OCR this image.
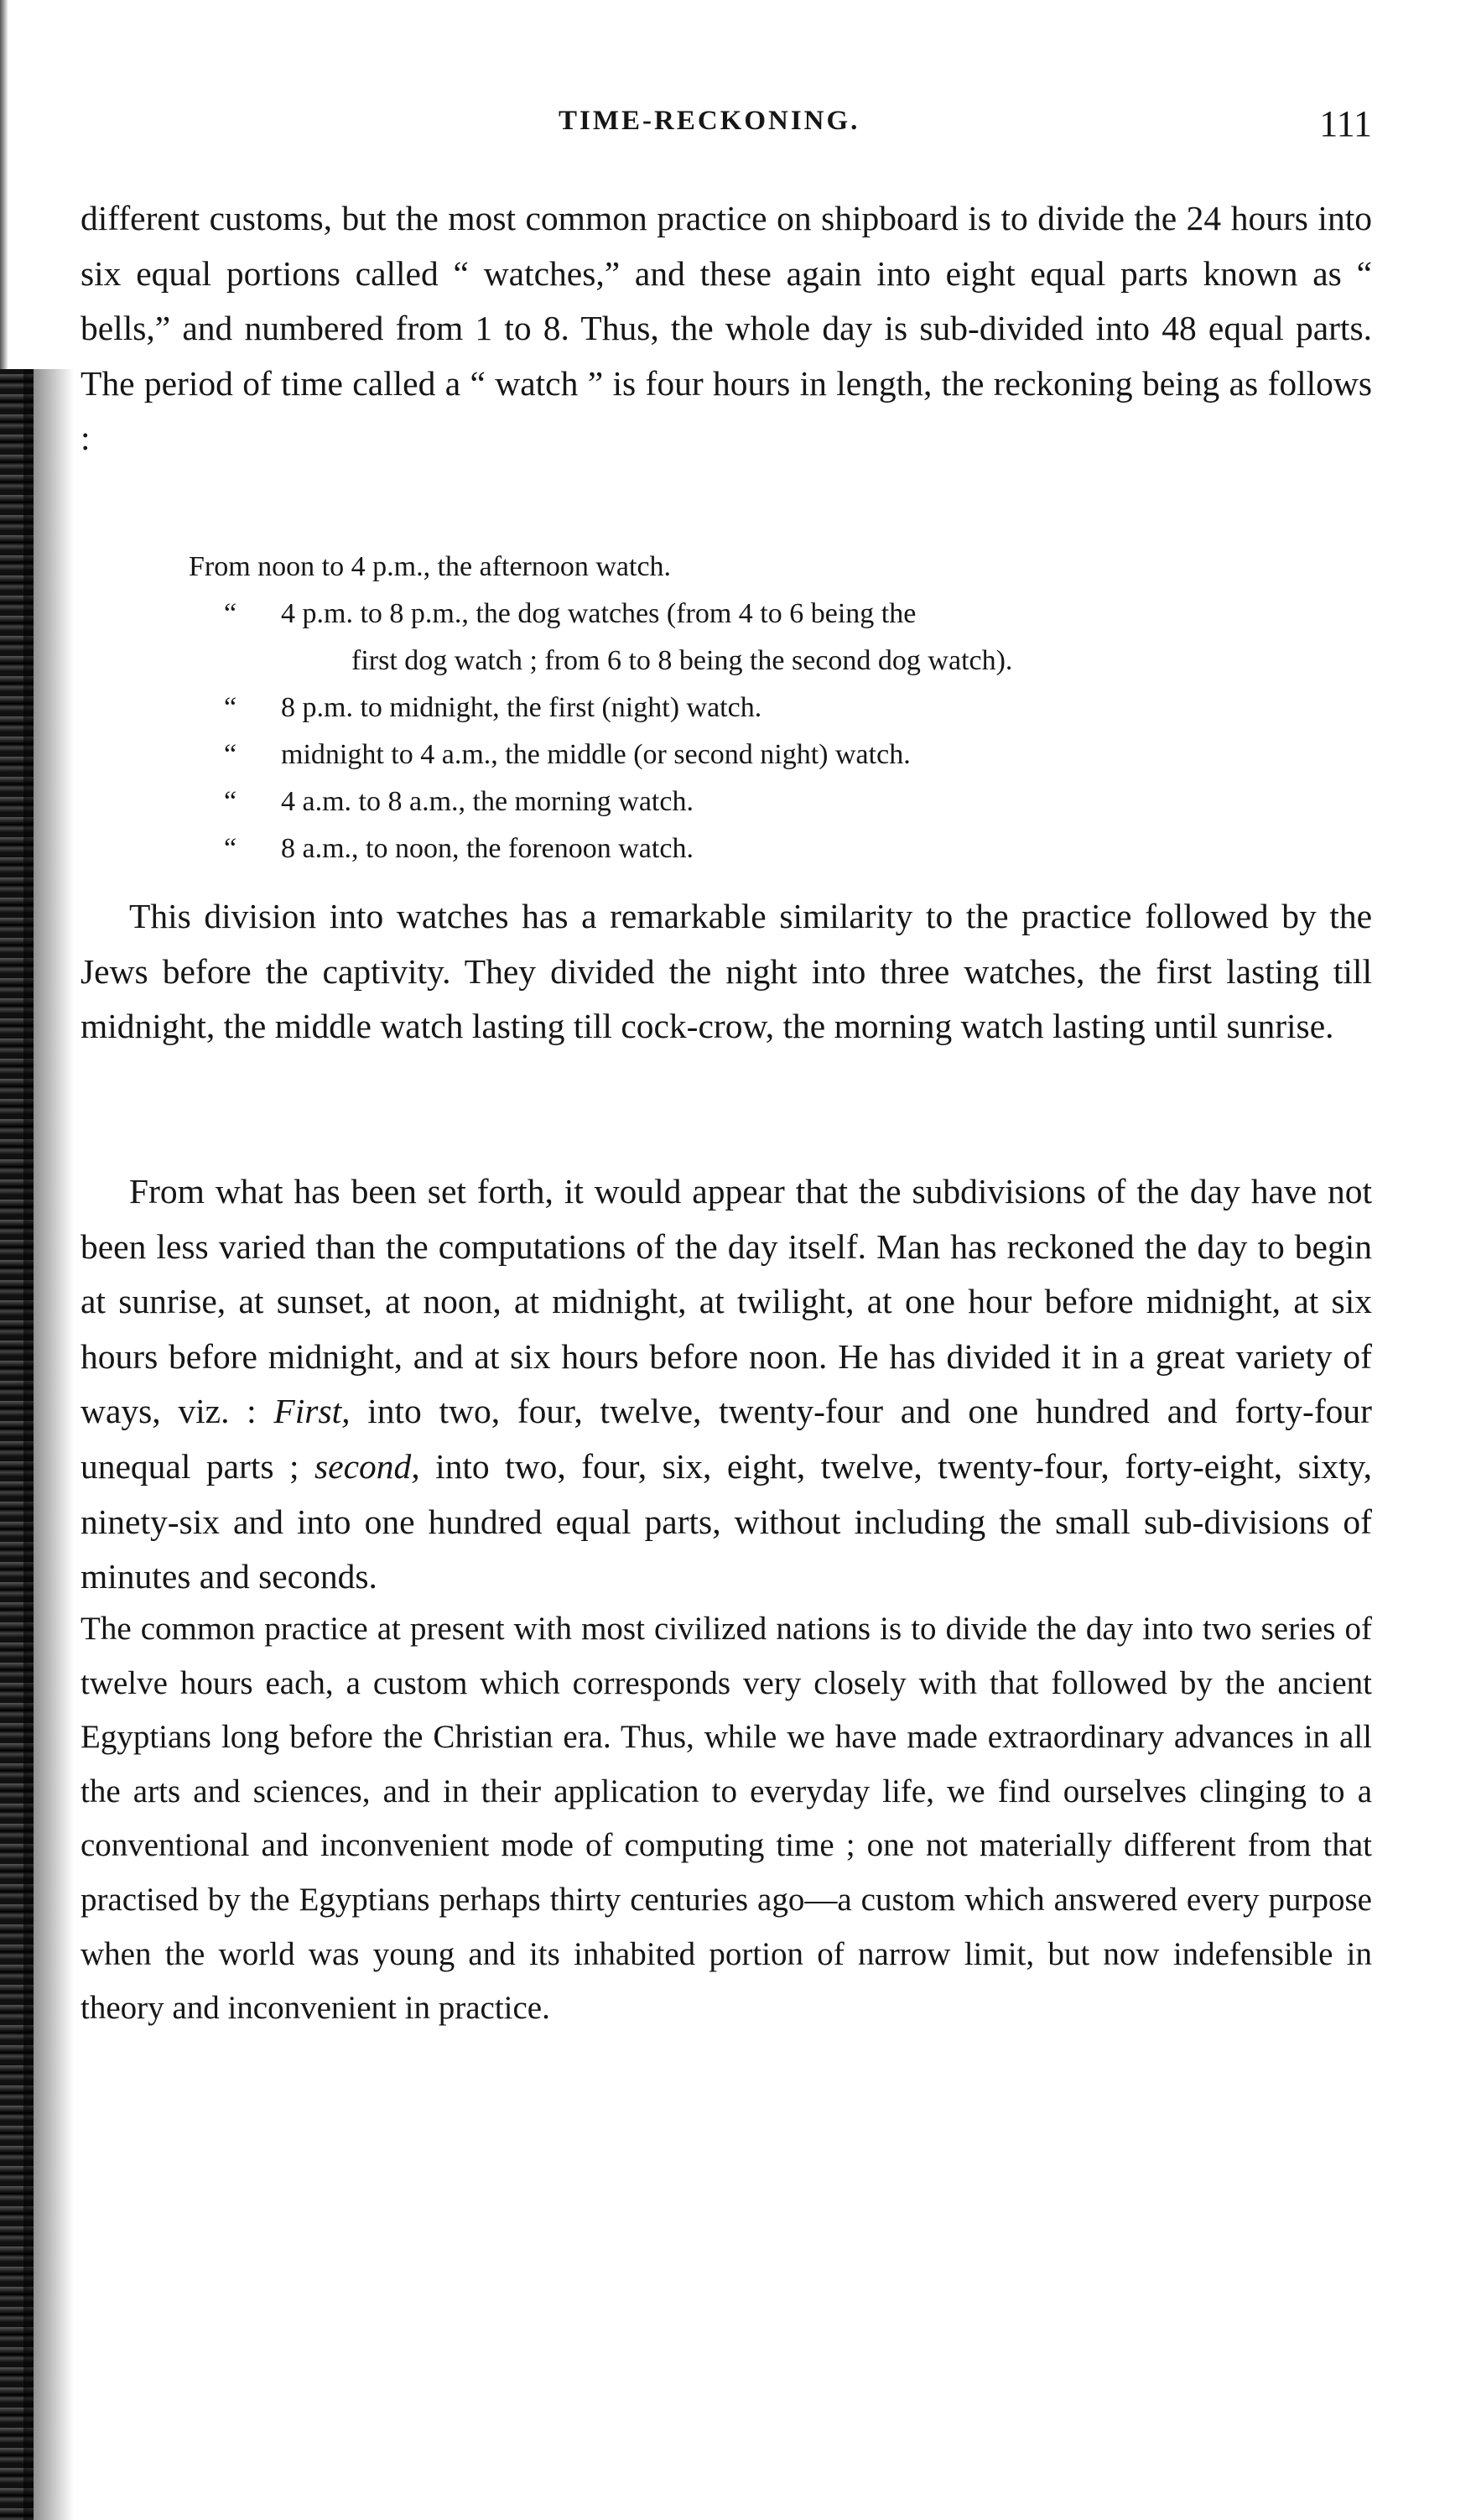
TIME-RECKONING.	111

different customs, but the most common practice on shipboard is to divide the 24 hours into six equal portions called “ watches,” and these again into eight equal parts known as “ bells,” and numbered from 1 to 8. Thus, the whole day is sub-divided into 48 equal parts. The period of time called a “ watch ” is four hours in length, the reckoning being as follows :

From noon to 4 p.m., the afternoon watch.
“ 4 p.m. to 8 p.m., the dog watches (from 4 to 6 being the
first dog watch ; from 6 to 8 being the second dog watch).
“ 8 p.m. to midnight, the first (night) watch.
“ midnight to 4 a.m., the middle (or second night) watch.
“ 4 a.m. to 8 a.m., the morning watch.
“ 8 a.m., to noon, the forenoon watch.

This division into watches has a remarkable similarity to the practice followed by the Jews before the captivity. They divided the night into three watches, the first lasting till midnight, the middle watch lasting till cock-crow, the morning watch lasting until sunrise.

From what has been set forth, it would appear that the subdivisions of the day have not been less varied than the computations of the day itself. Man has reckoned the day to begin at sunrise, at sunset, at noon, at midnight, at twilight, at one hour before midnight, at six hours before midnight, and at six hours before noon. He has divided it in a great variety of ways, viz. : First, into two, four, twelve, twenty-four and one hundred and forty-four unequal parts ; second, into two, four, six, eight, twelve, twenty-four, forty-eight, sixty, ninety-six and into one hundred equal parts, without including the small sub-divisions of minutes and seconds.

The common practice at present with most civilized nations is to divide the day into two series of twelve hours each, a custom which corresponds very closely with that followed by the ancient Egyptians long before the Christian era. Thus, while we have made extraordinary advances in all the arts and sciences, and in their application to everyday life, we find ourselves clinging to a conventional and inconvenient mode of computing time ; one not materially different from that practised by the Egyptians perhaps thirty centuries ago—a custom which answered every purpose when the world was young and its inhabited portion of narrow limit, but now indefensible in theory and inconvenient in practice.
